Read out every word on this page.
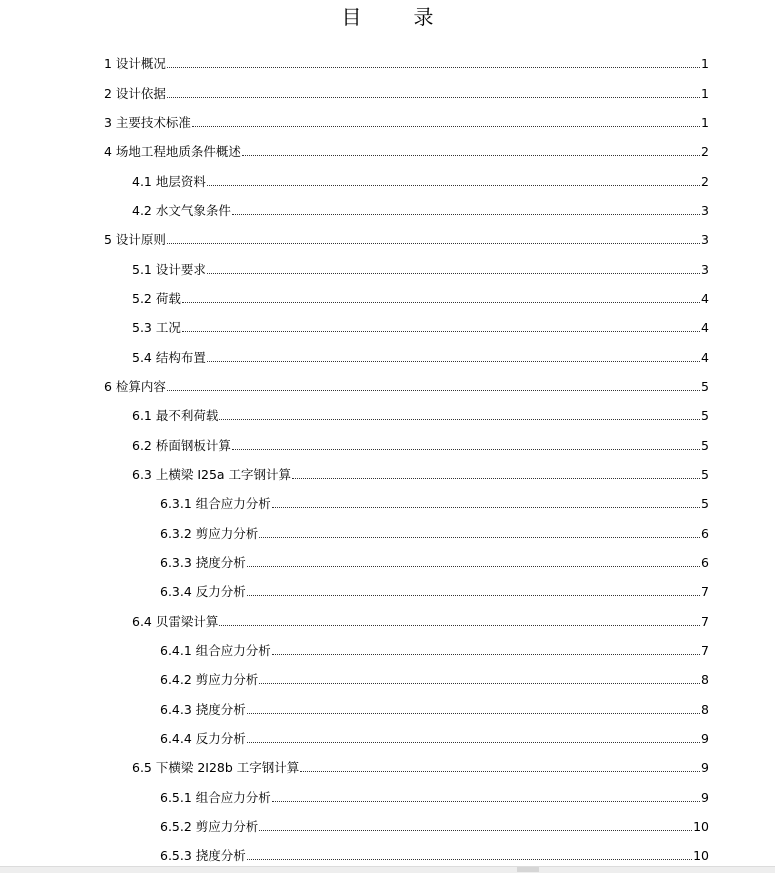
目录
1 设计概况	1
2 设计依据	1
3 主要技术标准	1
4 场地工程地质条件概述	2
4.1 地层资料	2
4.2 水文气象条件	3
5 设计原则	3
5.1 设计要求	3
5.2 荷载	4
5.3 工况	4
5.4 结构布置	4
6 检算内容	5
6.1 最不利荷载	5
6.2 桥面钢板计算	5
6.3 上横梁 I25a 工字钢计算	5
6.3.1 组合应力分析	5
6.3.2 剪应力分析	6
6.3.3 挠度分析	6
6.3.4 反力分析	7
6.4 贝雷梁计算	7
6.4.1 组合应力分析	7
6.4.2 剪应力分析	8
6.4.3 挠度分析	8
6.4.4 反力分析	9
6.5 下横梁 2I28b 工字钢计算	9
6.5.1 组合应力分析	9
6.5.2 剪应力分析	10
6.5.3 挠度分析	10
